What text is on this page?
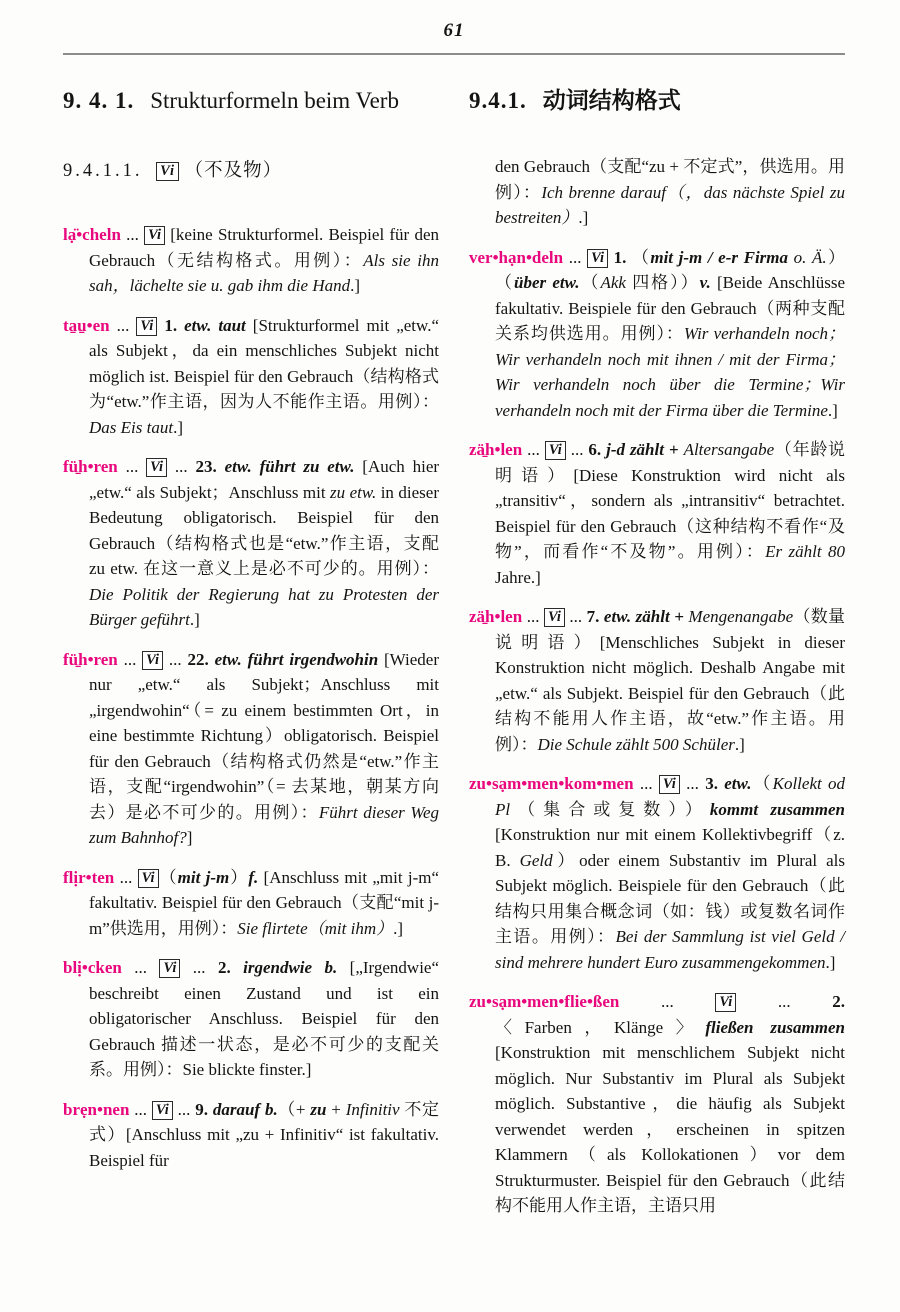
61
9. 4. 1. Strukturformeln beim Verb	9.4.1. 动词结构格式
9.4.1.1. Vi （不及物）

lạ̈•cheln ... Vi [keine Strukturformel. Beispiel für den Gebrauch（无结构格式。用例）：Als sie ihn sah，lächelte sie u. gab ihm die Hand.]

ta̱u̱•en ... Vi 1. etw. taut [Strukturformel mit „etw.“ als Subjekt，da ein menschliches Subjekt nicht möglich ist. Beispiel für den Gebrauch（结构格式为“etw.”作主语，因为人不能作主语。用例）：Das Eis taut.]

fü̱h•ren ... Vi ... 23. etw. führt zu etw. [Auch hier „etw.“ als Subjekt；Anschluss mit zu etw. in dieser Bedeutung obligatorisch. Beispiel für den Gebrauch（结构格式也是“etw.”作主语，支配 zu etw. 在这一意义上是必不可少的。用例）：Die Politik der Regierung hat zu Protesten der Bürger geführt.]

fü̱h•ren ... Vi ... 22. etw. führt irgendwohin [Wieder nur „etw.“ als Subjekt；Anschluss mit „irgendwohin“（= zu einem bestimmten Ort，in eine bestimmte Richtung）obligatorisch. Beispiel für den Gebrauch（结构格式仍然是“etw.”作主语，支配“irgendwohin”（= 去某地，朝某方向去）是必不可少的。用例）：Führt dieser Weg zum Bahnhof?]

flịr•ten ... Vi （mit j-m）f. [Anschluss mit „mit j-m“ fakultativ. Beispiel für den Gebrauch（支配“mit j-m”供选用，用例）：Sie flirtete（mit ihm）.]

blị•cken ... Vi ... 2. irgendwie b. [„Irgendwie“ beschreibt einen Zustand und ist ein obligatorischer Anschluss. Beispiel für den Gebrauch 描述一状态，是必不可少的支配关系。用例）：Sie blickte finster.]

brẹn•nen ... Vi ... 9. darauf b.（+ zu + Infinitiv 不定式）[Anschluss mit „zu + Infinitiv“ ist fakultativ. Beispiel für

den Gebrauch（支配“zu + 不定式”，供选用。用例）：Ich brenne darauf（，das nächste Spiel zu bestreiten）.]

ver•hạn•deln ... Vi 1. （mit j-m / e-r Firma o. Ä.）（über etw.（Akk 四格））v. [Beide Anschlüsse fakultativ. Beispiele für den Gebrauch（两种支配关系均供选用。用例）：Wir verhandeln noch；Wir verhandeln noch mit ihnen / mit der Firma；Wir verhandeln noch über die Termine；Wir verhandeln noch mit der Firma über die Termine.]

zä̱h•len ... Vi ... 6. j-d zählt + Altersangabe（年龄说明语）[Diese Konstruktion wird nicht als „transitiv“，sondern als „intransitiv“ betrachtet. Beispiel für den Gebrauch（这种结构不看作“及物”，而看作“不及物”。用例）：Er zählt 80 Jahre.]

zä̱h•len ... Vi ... 7. etw. zählt + Mengenangabe（数量说明语）[Menschliches Subjekt in dieser Konstruktion nicht möglich. Deshalb Angabe mit „etw.“ als Subjekt. Beispiel für den Gebrauch（此结构不能用人作主语，故“etw.”作主语。用例）：Die Schule zählt 500 Schüler.]

zu•sạm•men•kom•men ... Vi ... 3. etw.（Kollekt od Pl（集合或复数））kommt zusammen [Konstruktion nur mit einem Kollektivbegriff（z. B. Geld）oder einem Substantiv im Plural als Subjekt möglich. Beispiele für den Gebrauch（此结构只用集合概念词（如：钱）或复数名词作主语。用例）：Bei der Sammlung ist viel Geld / sind mehrere hundert Euro zusammengekommen.]

zu•sạm•men•flie•ßen ... Vi ... 2. 〈Farben，Klänge〉fließen zusammen [Konstruktion mit menschlichem Subjekt nicht möglich. Nur Substantiv im Plural als Subjekt möglich. Substantive，die häufig als Subjekt verwendet werden，erscheinen in spitzen Klammern（als Kollokationen）vor dem Strukturmuster. Beispiel für den Gebrauch（此结构不能用人作主语，主语只用
